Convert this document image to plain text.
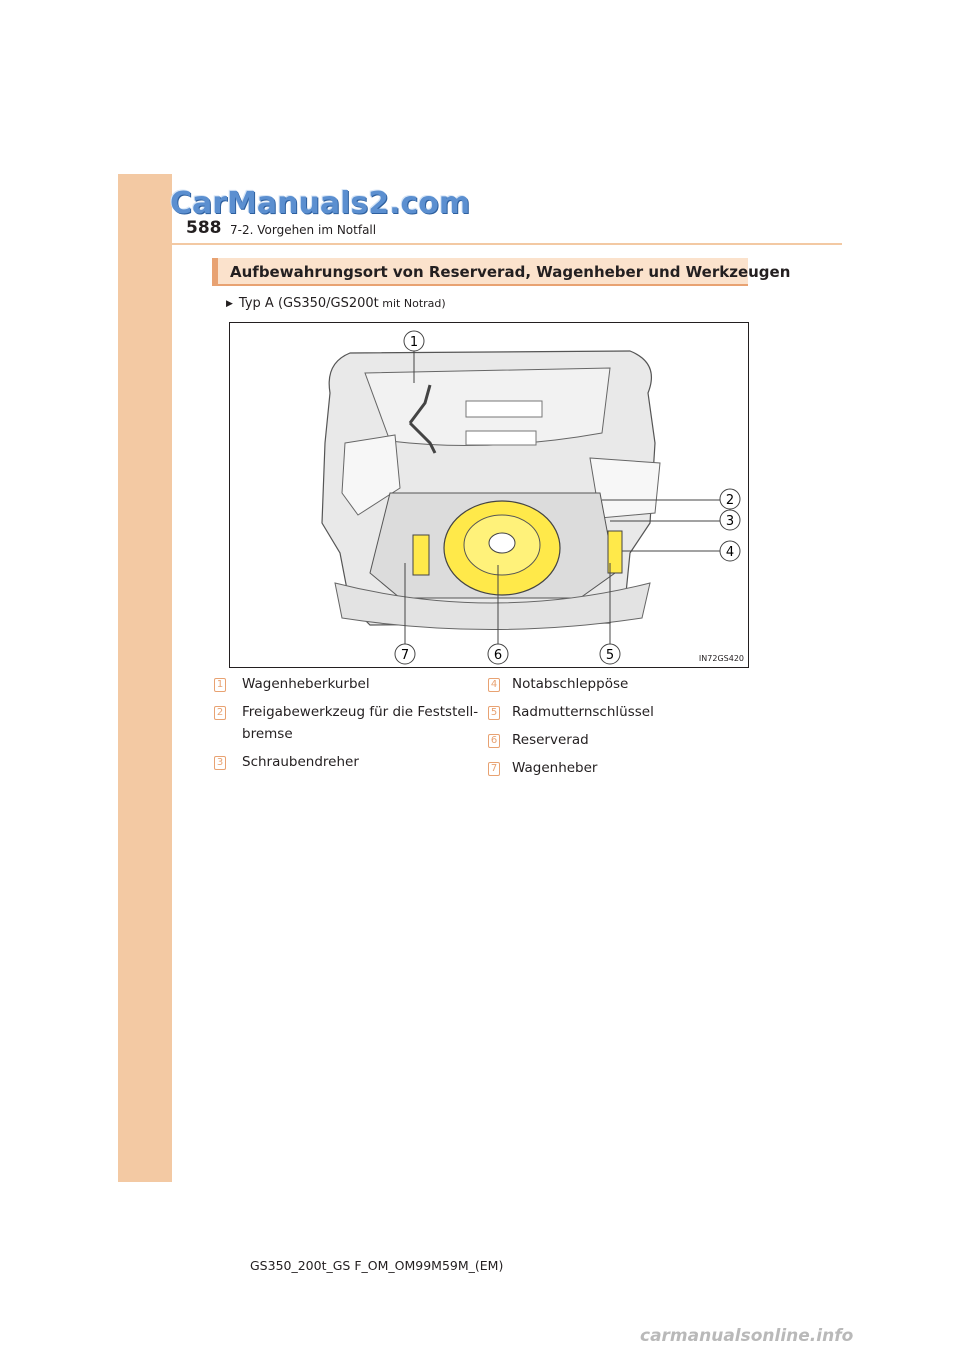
CarManuals2.com
588 7-2. Vorgehen im Notfall
Aufbewahrungsort von Reserverad, Wagenheber und Werkzeugen
▶ Typ A (GS350/GS200t mit Notrad)
1
2
3
4
5
6
7	IN72GS420
1 Wagenheberkurbel
2 Freigabewerkzeug für die Feststell-
bremse
3 Schraubendreher
4 Notabschleppöse
5 Radmutternschlüssel
6 Reserverad
7 Wagenheber
GS350_200t_GS F_OM_OM99M59M_(EM)
carmanualsonline.info
